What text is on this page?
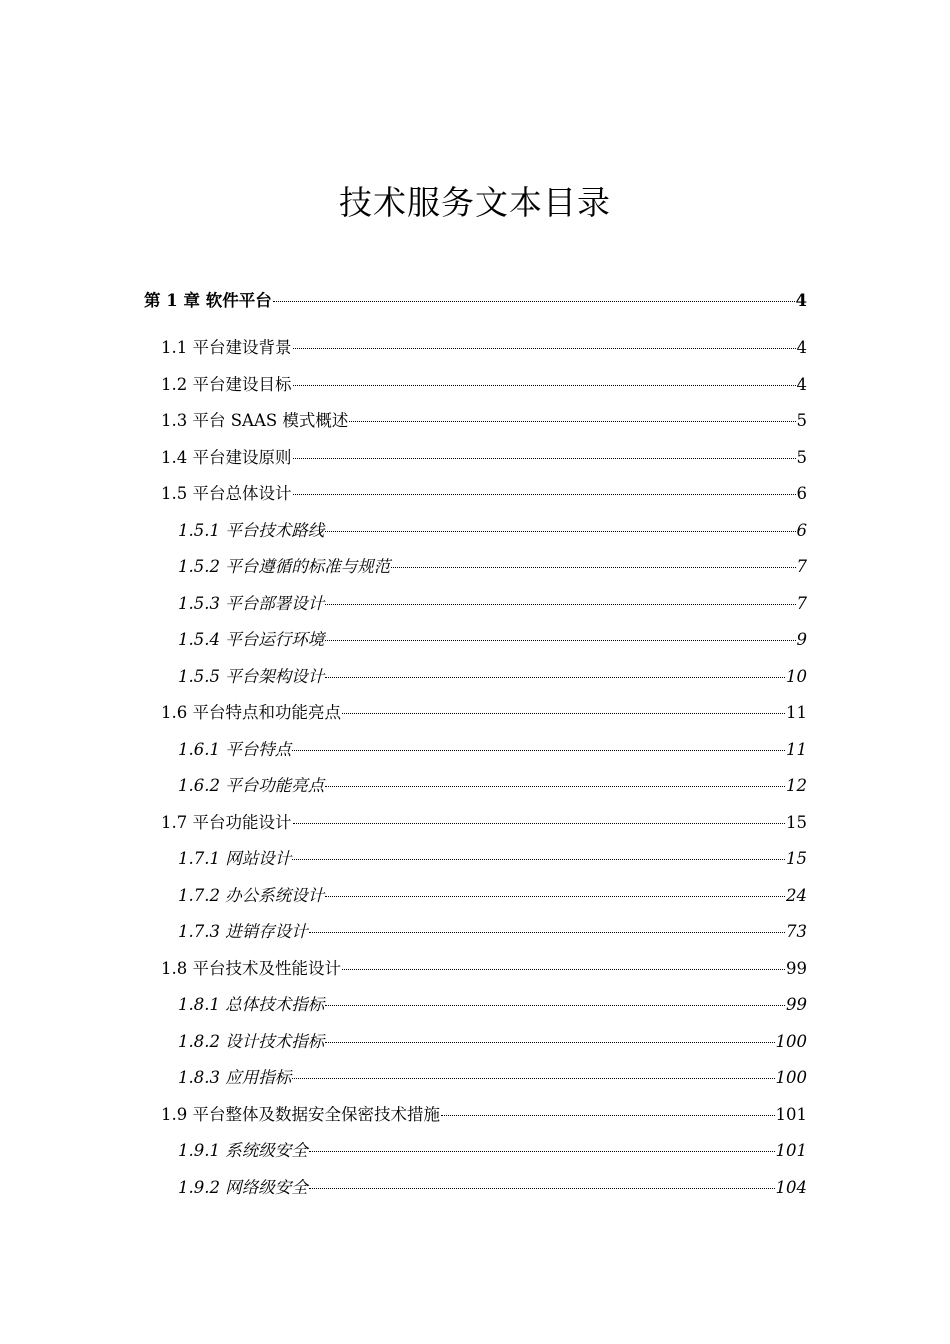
技术服务文本目录
第 1 章 软件平台	4
1.1 平台建设背景	4
1.2 平台建设目标	4
1.3 平台 SAAS 模式概述	5
1.4 平台建设原则	5
1.5 平台总体设计	6
1.5.1 平台技术路线	6
1.5.2 平台遵循的标准与规范	7
1.5.3 平台部署设计	7
1.5.4 平台运行环境	9
1.5.5 平台架构设计	10
1.6 平台特点和功能亮点	11
1.6.1 平台特点	11
1.6.2 平台功能亮点	12
1.7 平台功能设计	15
1.7.1 网站设计	15
1.7.2 办公系统设计	24
1.7.3 进销存设计	73
1.8 平台技术及性能设计	99
1.8.1 总体技术指标	99
1.8.2 设计技术指标	100
1.8.3 应用指标	100
1.9 平台整体及数据安全保密技术措施	101
1.9.1 系统级安全	101
1.9.2 网络级安全	104
